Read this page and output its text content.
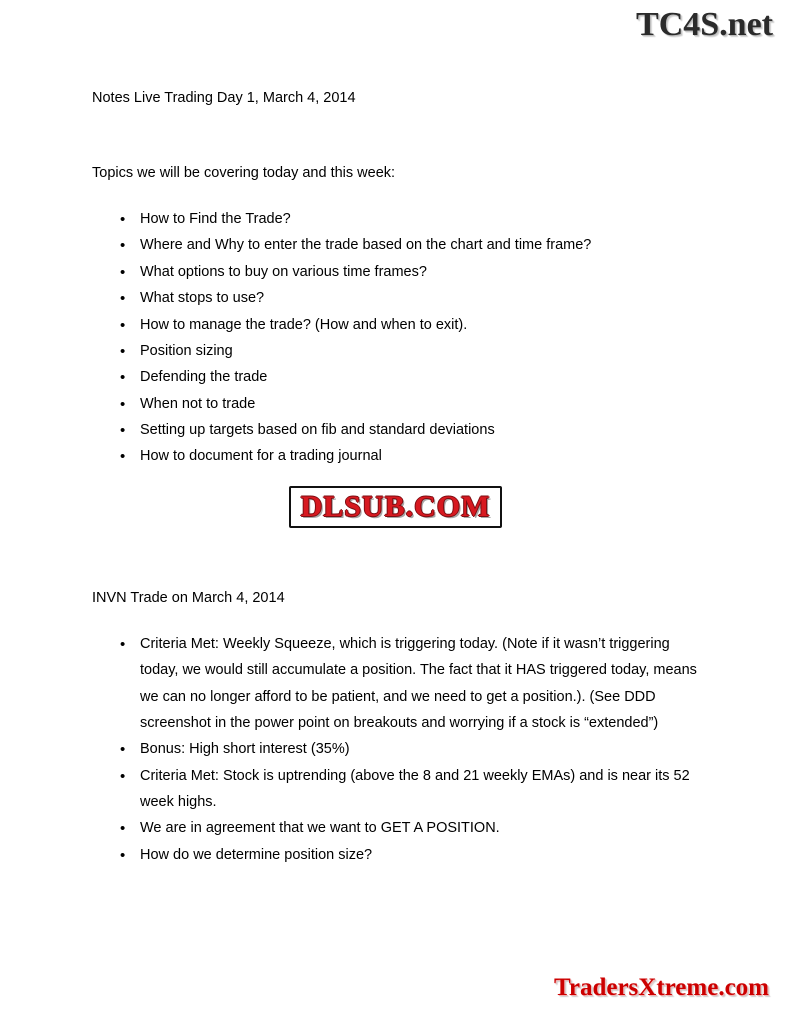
TC4S.net

Notes Live Trading Day 1, March 4, 2014

Topics we will be covering today and this week:

• How to Find the Trade?
• Where and Why to enter the trade based on the chart and time frame?
• What options to buy on various time frames?
• What stops to use?
• How to manage the trade? (How and when to exit).
• Position sizing
• Defending the trade
• When not to trade
• Setting up targets based on fib and standard deviations
• How to document for a trading journal

INVN Trade on March 4, 2014

• Criteria Met: Weekly Squeeze, which is triggering today. (Note if it wasn’t triggering today, we would still accumulate a position. The fact that it HAS triggered today, means we can no longer afford to be patient, and we need to get a position.). (See DDD screenshot in the power point on breakouts and worrying if a stock is “extended”)
• Bonus: High short interest (35%)
• Criteria Met: Stock is uptrending (above the 8 and 21 weekly EMAs) and is near its 52 week highs.
• We are in agreement that we want to GET A POSITION.
• How do we determine position size?
DLSUB.COM
TradersXtreme.com
